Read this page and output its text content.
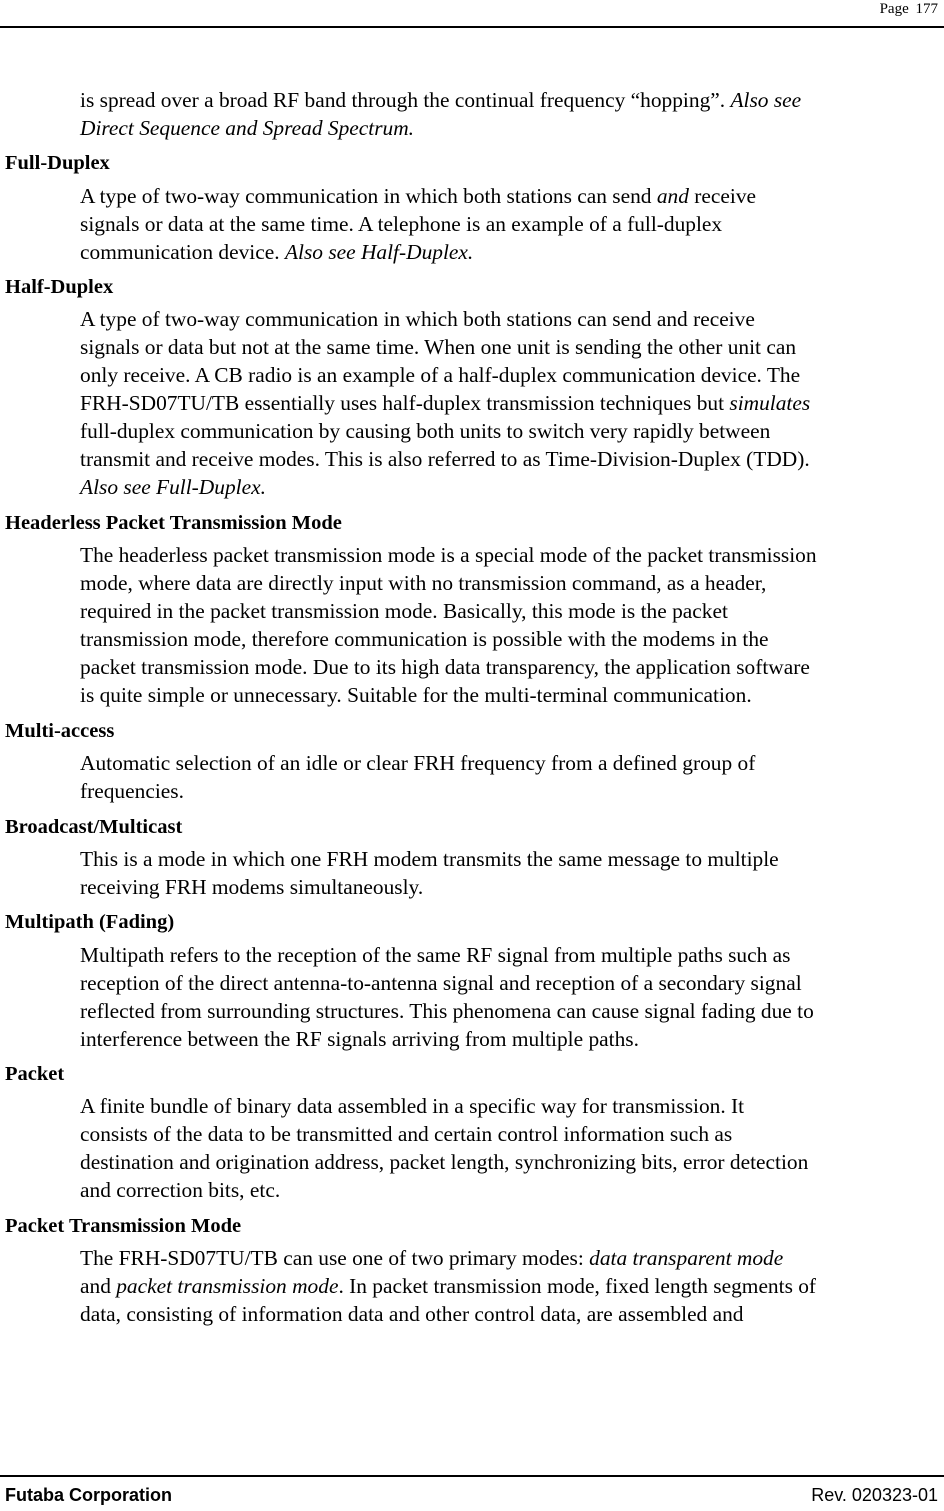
Page 177
is spread over a broad RF band through the continual frequency “hopping”. Also see
Direct Sequence and Spread Spectrum.
Full-Duplex
A type of two-way communication in which both stations can send and receive
signals or data at the same time. A telephone is an example of a full-duplex
communication device. Also see Half-Duplex.
Half-Duplex
A type of two-way communication in which both stations can send and receive
signals or data but not at the same time. When one unit is sending the other unit can
only receive. A CB radio is an example of a half-duplex communication device. The
FRH-SD07TU/TB essentially uses half-duplex transmission techniques but simulates
full-duplex communication by causing both units to switch very rapidly between
transmit and receive modes. This is also referred to as Time-Division-Duplex (TDD).
Also see Full-Duplex.
Headerless Packet Transmission Mode
The headerless packet transmission mode is a special mode of the packet transmission
mode, where data are directly input with no transmission command, as a header,
required in the packet transmission mode. Basically, this mode is the packet
transmission mode, therefore communication is possible with the modems in the
packet transmission mode. Due to its high data transparency, the application software
is quite simple or unnecessary. Suitable for the multi-terminal communication.
Multi-access
Automatic selection of an idle or clear FRH frequency from a defined group of
frequencies.
Broadcast/Multicast
This is a mode in which one FRH modem transmits the same message to multiple
receiving FRH modems simultaneously.
Multipath (Fading)
Multipath refers to the reception of the same RF signal from multiple paths such as
reception of the direct antenna-to-antenna signal and reception of a secondary signal
reflected from surrounding structures. This phenomena can cause signal fading due to
interference between the RF signals arriving from multiple paths.
Packet
A finite bundle of binary data assembled in a specific way for transmission. It
consists of the data to be transmitted and certain control information such as
destination and origination address, packet length, synchronizing bits, error detection
and correction bits, etc.
Packet Transmission Mode
The FRH-SD07TU/TB can use one of two primary modes: data transparent mode
and packet transmission mode. In packet transmission mode, fixed length segments of
data, consisting of information data and other control data, are assembled and
Futaba Corporation	Rev. 020323-01
